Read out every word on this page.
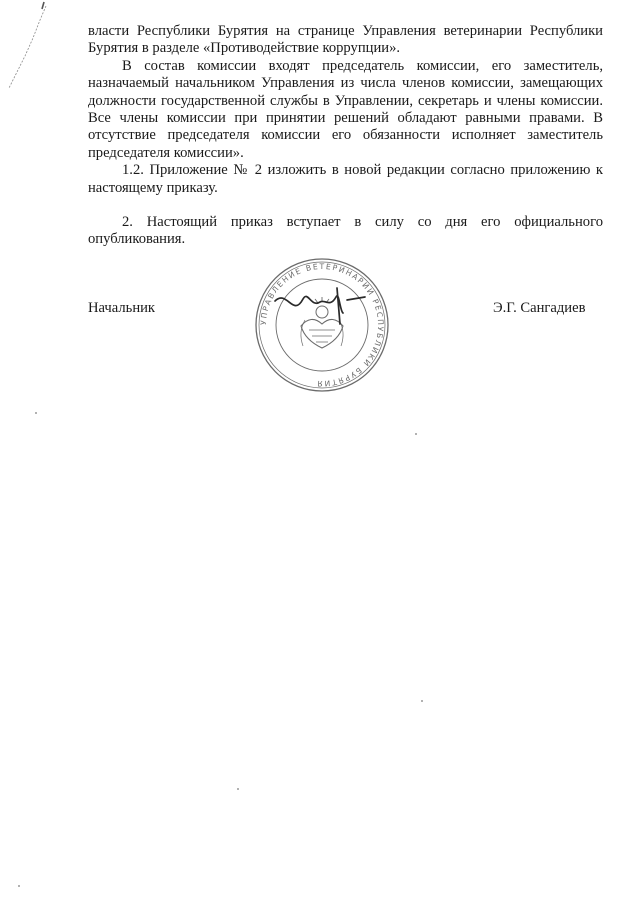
власти Республики Бурятия на странице Управления ветеринарии Республики Бурятия в разделе «Противодействие коррупции».

В состав комиссии входят председатель комиссии, его заместитель, назначаемый начальником Управления из числа членов комиссии, замещающих должности государственной службы в Управлении, секретарь и члены комиссии. Все члены комиссии при принятии решений обладают равными правами. В отсутствие председателя комиссии его обязанности исполняет заместитель председателя комиссии».

1.2. Приложение № 2 изложить в новой редакции согласно приложению к настоящему приказу.

2. Настоящий приказ вступает в силу со дня его официального опубликования.

Начальник	Э.Г. Сангадиев
УПРАВЛЕНИЕ ВЕТЕРИНАРИИ РЕСПУБЛИКИ БУРЯТИЯ
